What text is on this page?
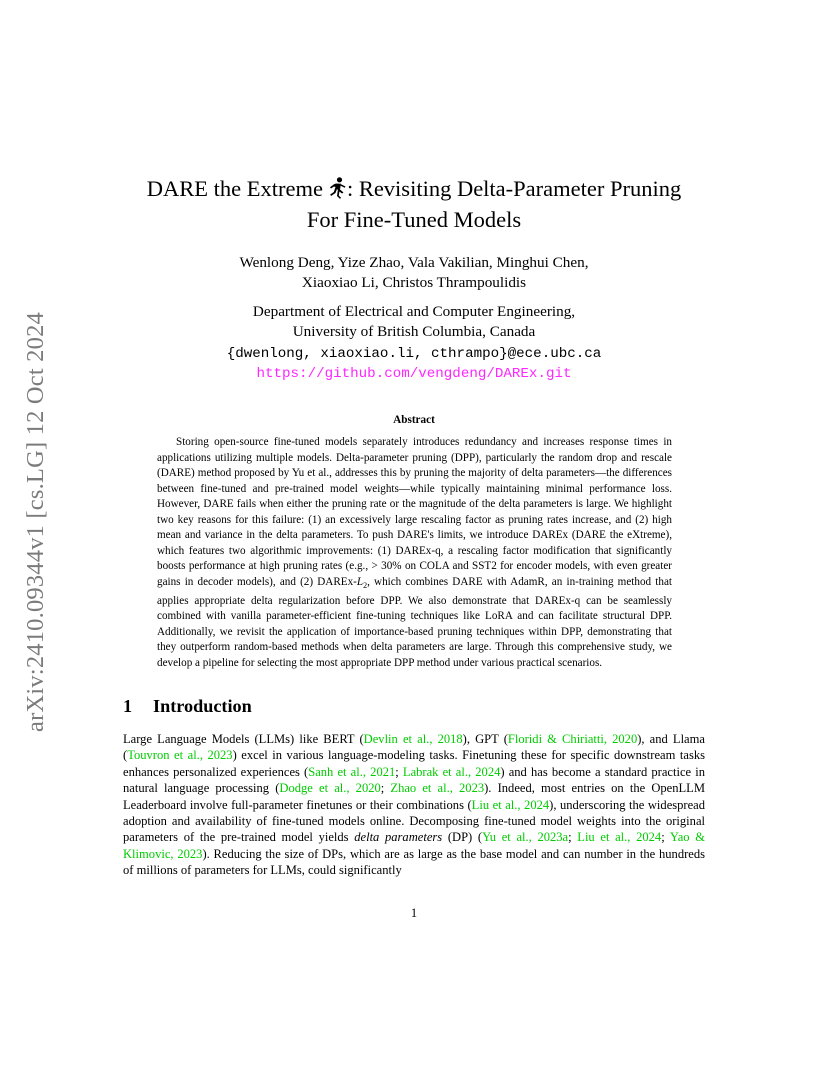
arXiv:2410.09344v1 [cs.LG] 12 Oct 2024
DARE the Extreme : Revisiting Delta-Parameter Pruning
For Fine-Tuned Models
Wenlong Deng, Yize Zhao, Vala Vakilian, Minghui Chen,
Xiaoxiao Li, Christos Thrampoulidis
Department of Electrical and Computer Engineering,
University of British Columbia, Canada
{dwenlong, xiaoxiao.li, cthrampo}@ece.ubc.ca
https://github.com/vengdeng/DAREx.git
Abstract
Storing open-source fine-tuned models separately introduces redundancy and increases response times in applications utilizing multiple models. Delta-parameter pruning (DPP), particularly the random drop and rescale (DARE) method proposed by Yu et al., addresses this by pruning the majority of delta parameters—the differences between fine-tuned and pre-trained model weights—while typically maintaining minimal performance loss. However, DARE fails when either the pruning rate or the magnitude of the delta parameters is large. We highlight two key reasons for this failure: (1) an excessively large rescaling factor as pruning rates increase, and (2) high mean and variance in the delta parameters. To push DARE's limits, we introduce DAREx (DARE the eXtreme), which features two algorithmic improvements: (1) DAREx-q, a rescaling factor modification that significantly boosts performance at high pruning rates (e.g., > 30% on COLA and SST2 for encoder models, with even greater gains in decoder models), and (2) DAREx-$L_2$, which combines DARE with AdamR, an in-training method that applies appropriate delta regularization before DPP. We also demonstrate that DAREx-q can be seamlessly combined with vanilla parameter-efficient fine-tuning techniques like LoRA and can facilitate structural DPP. Additionally, we revisit the application of importance-based pruning techniques within DPP, demonstrating that they outperform random-based methods when delta parameters are large. Through this comprehensive study, we develop a pipeline for selecting the most appropriate DPP method under various practical scenarios.
1 Introduction
Large Language Models (LLMs) like BERT (Devlin et al., 2018), GPT (Floridi & Chiriatti, 2020), and Llama (Touvron et al., 2023) excel in various language-modeling tasks. Finetuning these for specific downstream tasks enhances personalized experiences (Sanh et al., 2021; Labrak et al., 2024) and has become a standard practice in natural language processing (Dodge et al., 2020; Zhao et al., 2023). Indeed, most entries on the OpenLLM Leaderboard involve full-parameter finetunes or their combinations (Liu et al., 2024), underscoring the widespread adoption and availability of fine-tuned models online. Decomposing fine-tuned model weights into the original parameters of the pre-trained model yields delta parameters (DP) (Yu et al., 2023a; Liu et al., 2024; Yao & Klimovic, 2023). Reducing the size of DPs, which are as large as the base model and can number in the hundreds of millions of parameters for LLMs, could significantly
1
